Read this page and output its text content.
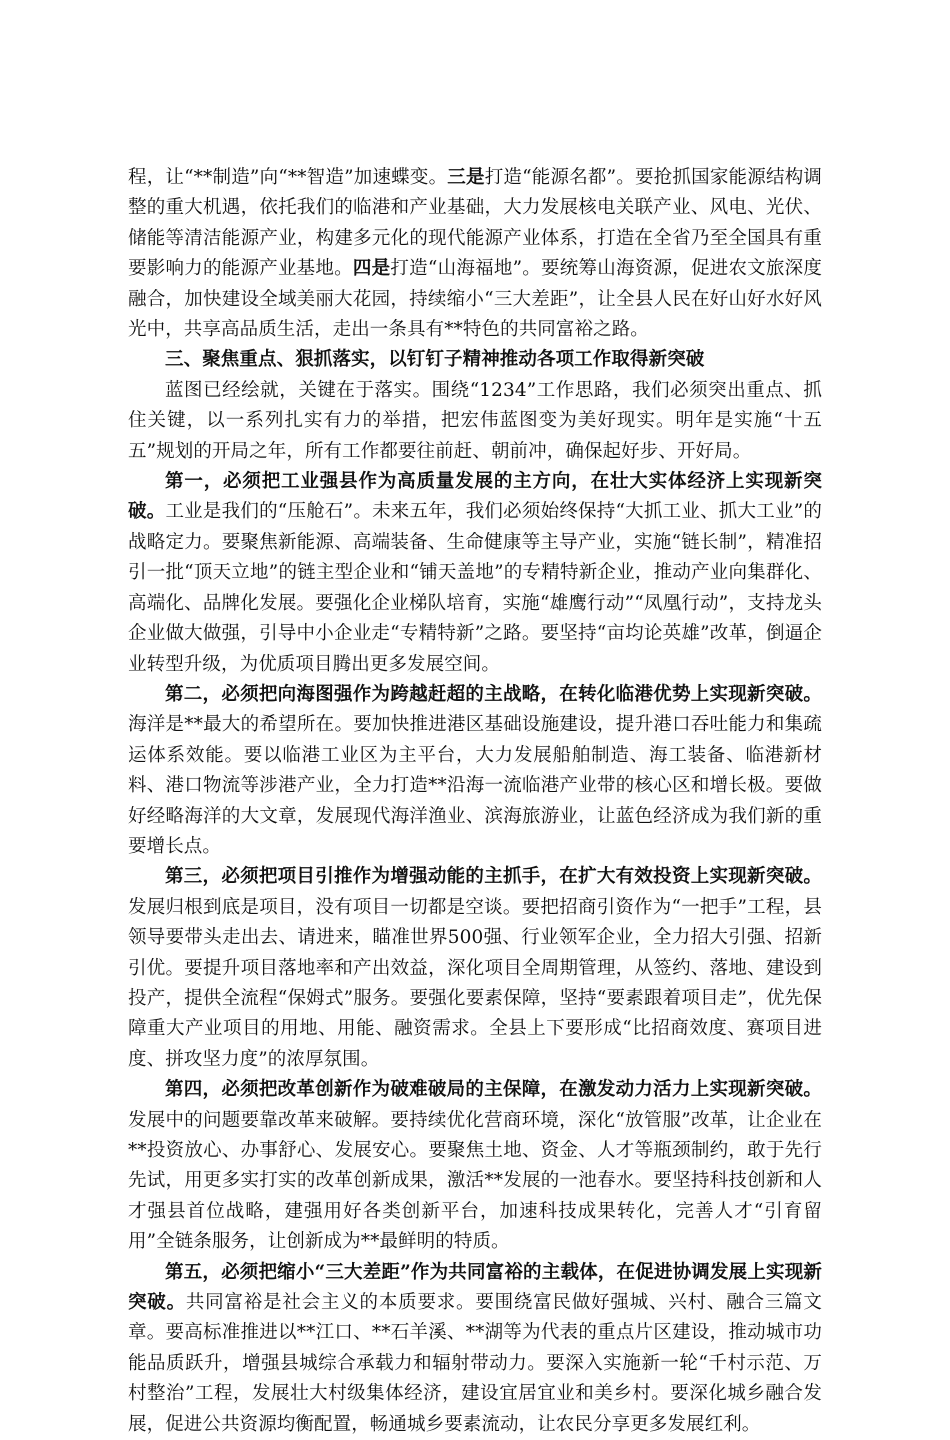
程，让“**制造”向“**智造”加速蝶变。三是打造“能源名都”。要抢抓国家能源结构调整的重大机遇，依托我们的临港和产业基础，大力发展核电关联产业、风电、光伏、储能等清洁能源产业，构建多元化的现代能源产业体系，打造在全省乃至全国具有重要影响力的能源产业基地。四是打造“山海福地”。要统筹山海资源，促进农文旅深度融合，加快建设全域美丽大花园，持续缩小“三大差距”，让全县人民在好山好水好风光中，共享高品质生活，走出一条具有**特色的共同富裕之路。

三、聚焦重点、狠抓落实，以钉钉子精神推动各项工作取得新突破

蓝图已经绘就，关键在于落实。围绕“1234”工作思路，我们必须突出重点、抓住关键，以一系列扎实有力的举措，把宏伟蓝图变为美好现实。明年是实施“十五五”规划的开局之年，所有工作都要往前赶、朝前冲，确保起好步、开好局。

第一，必须把工业强县作为高质量发展的主方向，在壮大实体经济上实现新突破。工业是我们的“压舱石”。未来五年，我们必须始终保持“大抓工业、抓大工业”的战略定力。要聚焦新能源、高端装备、生命健康等主导产业，实施“链长制”，精准招引一批“顶天立地”的链主型企业和“铺天盖地”的专精特新企业，推动产业向集群化、高端化、品牌化发展。要强化企业梯队培育，实施“雄鹰行动”“凤凰行动”，支持龙头企业做大做强，引导中小企业走“专精特新”之路。要坚持“亩均论英雄”改革，倒逼企业转型升级，为优质项目腾出更多发展空间。

第二，必须把向海图强作为跨越赶超的主战略，在转化临港优势上实现新突破。海洋是**最大的希望所在。要加快推进港区基础设施建设，提升港口吞吐能力和集疏运体系效能。要以临港工业区为主平台，大力发展船舶制造、海工装备、临港新材料、港口物流等涉港产业，全力打造**沿海一流临港产业带的核心区和增长极。要做好经略海洋的大文章，发展现代海洋渔业、滨海旅游业，让蓝色经济成为我们新的重要增长点。

第三，必须把项目引推作为增强动能的主抓手，在扩大有效投资上实现新突破。发展归根到底是项目，没有项目一切都是空谈。要把招商引资作为“一把手”工程，县领导要带头走出去、请进来，瞄准世界500强、行业领军企业，全力招大引强、招新引优。要提升项目落地率和产出效益，深化项目全周期管理，从签约、落地、建设到投产，提供全流程“保姆式”服务。要强化要素保障，坚持“要素跟着项目走”，优先保障重大产业项目的用地、用能、融资需求。全县上下要形成“比招商效度、赛项目进度、拼攻坚力度”的浓厚氛围。

第四，必须把改革创新作为破难破局的主保障，在激发动力活力上实现新突破。发展中的问题要靠改革来破解。要持续优化营商环境，深化“放管服”改革，让企业在**投资放心、办事舒心、发展安心。要聚焦土地、资金、人才等瓶颈制约，敢于先行先试，用更多实打实的改革创新成果，激活**发展的一池春水。要坚持科技创新和人才强县首位战略，建强用好各类创新平台，加速科技成果转化，完善人才“引育留用”全链条服务，让创新成为**最鲜明的特质。

第五，必须把缩小“三大差距”作为共同富裕的主载体，在促进协调发展上实现新突破。共同富裕是社会主义的本质要求。要围绕富民做好强城、兴村、融合三篇文章。要高标准推进以**江口、**石羊溪、**湖等为代表的重点片区建设，推动城市功能品质跃升，增强县城综合承载力和辐射带动力。要深入实施新一轮“千村示范、万村整治”工程，发展壮大村级集体经济，建设宜居宜业和美乡村。要深化城乡融合发展，促进公共资源均衡配置，畅通城乡要素流动，让农民分享更多发展红利。
